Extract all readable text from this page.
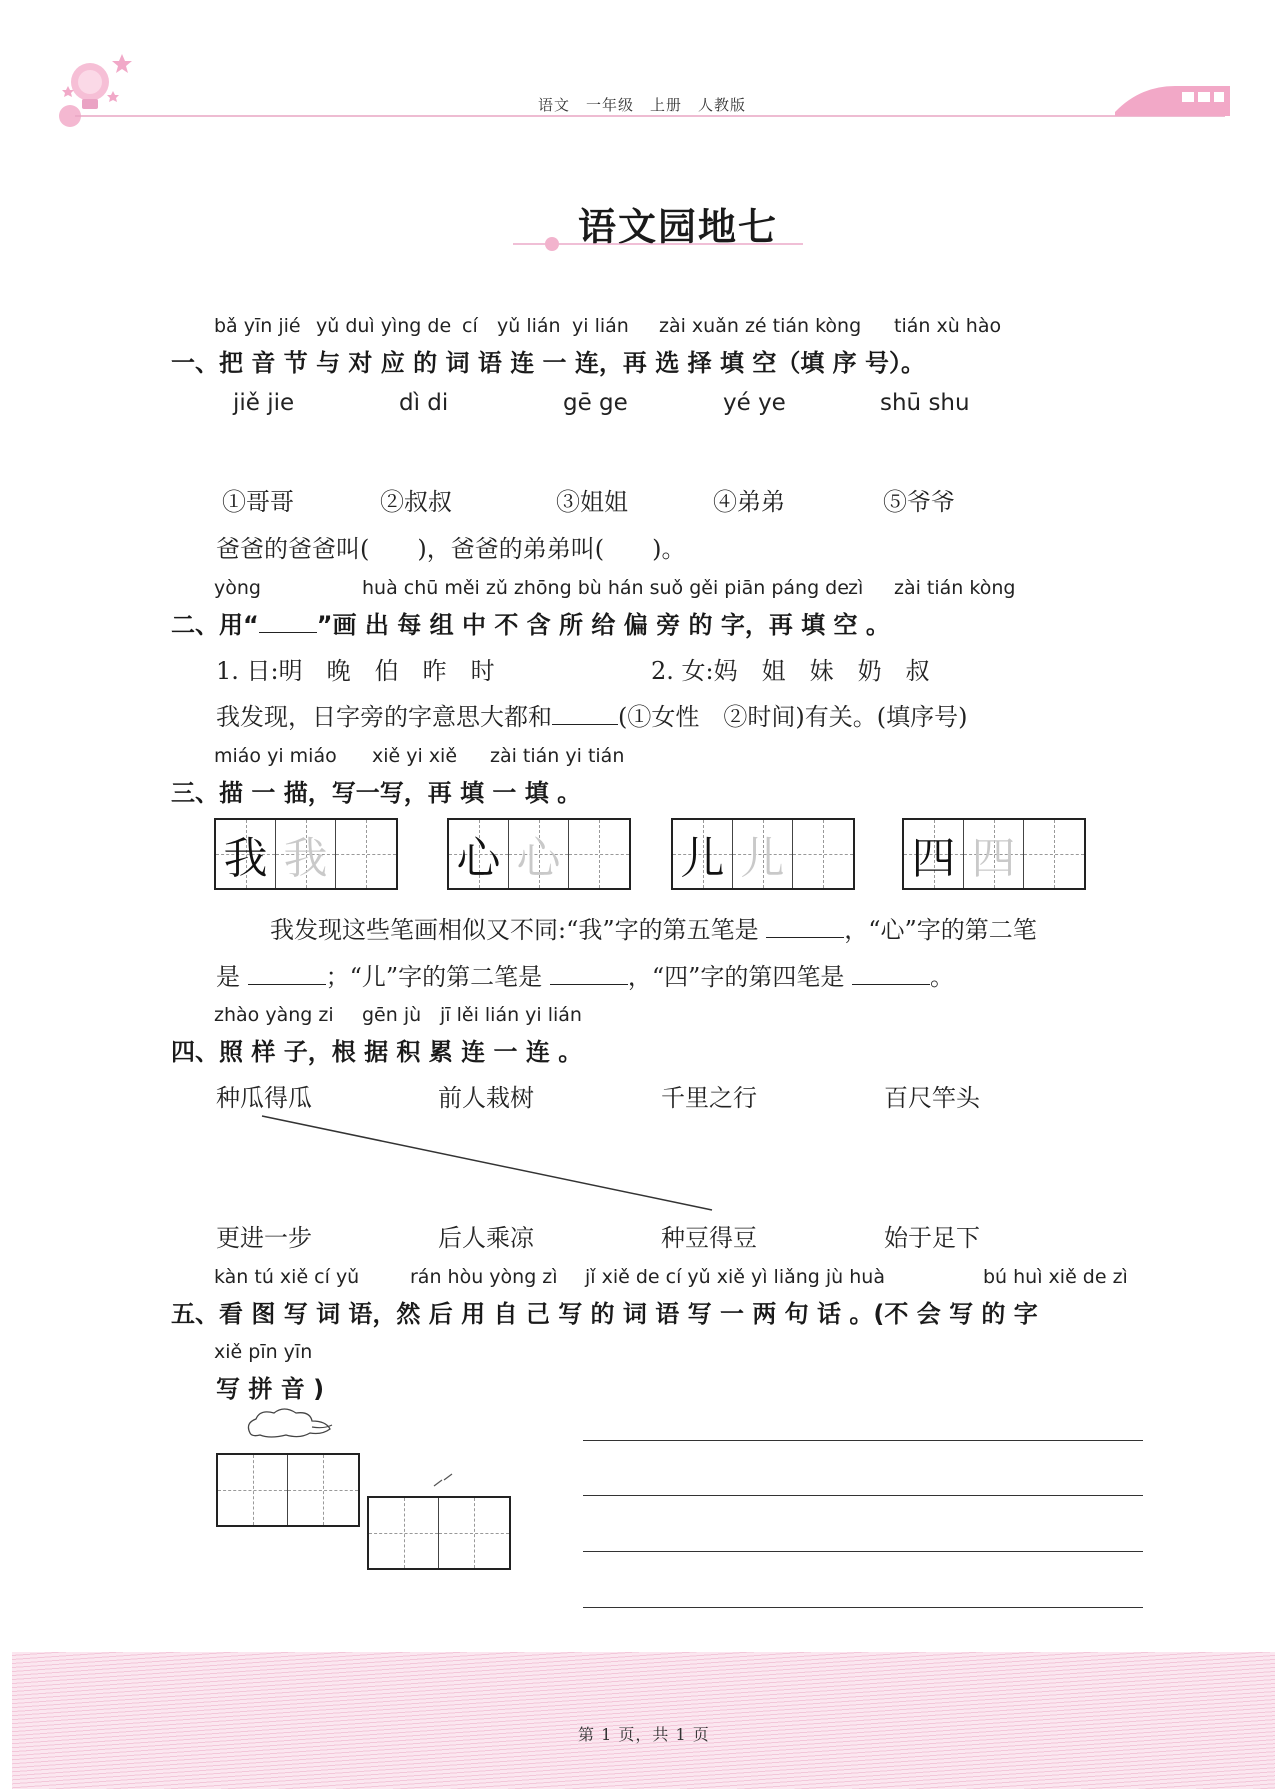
语文　一年级　上册　人教版
语文园地七
bǎ yīn jié yǔ duì yìng de cí yǔ lián yi lián zài xuǎn zé tián kòng tián xù hào
一、把 音 节 与 对 应 的 词 语 连 一 连，再 选 择 填 空（填 序 号）。
jiě jie	dì di	gē ge	yé ye	shū shu
①哥哥	②叔叔	③姐姐	④弟弟	⑤爷爷
爸爸的爸爸叫(　　)，爸爸的弟弟叫(　　)。
yòng	huà chū měi zǔ zhōng bù hán suǒ gěi piān páng de zì zài tián kòng
二、用“ ”画 出 每 组 中 不 含 所 给 偏 旁 的 字，再 填 空 。
1. 日:明　晚　伯　昨　时	2. 女:妈　姐　妹　奶　叔
我发现，日字旁的字意思大都和	(①女性　②时间)有关。(填序号)
miáo yi miáo xiě yi xiě zài tián yi tián
三、描 一 描，写一写，再 填 一 填 。
我 我	心 心	儿 儿	四 四
我发现这些笔画相似又不同:“我”字的第五笔是	，“心”字的第二笔
是	；“儿”字的第二笔是	，“四”字的第四笔是	。
zhào yàng zi gēn jù jī lěi lián yi lián
四、照 样 子，根 据 积 累 连 一 连 。
种瓜得瓜	前人栽树	千里之行	百尺竿头
更进一步	后人乘凉	种豆得豆	始于足下
kàn tú xiě cí yǔ	rán hòu yòng zì jǐ xiě de cí yǔ xiě yì liǎng jù huà	bú huì xiě de zì
五、看 图 写 词 语，然 后 用 自 己 写 的 词 语 写 一 两 句 话 。(不 会 写 的 字
xiě pīn yīn
写 拼 音 )
第 1 页，共 1 页
